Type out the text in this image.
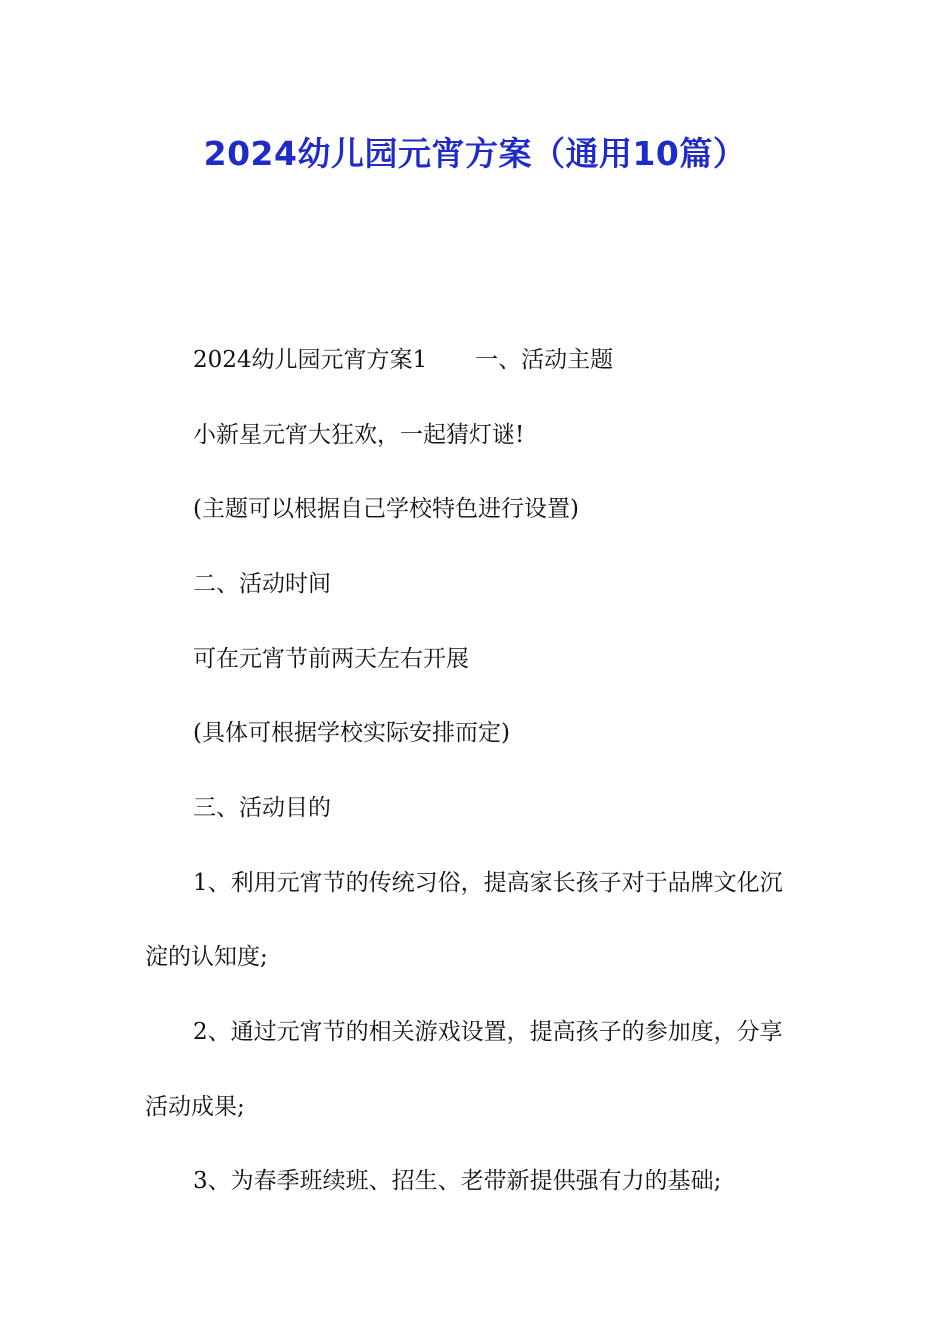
2024幼儿园元宵方案（通用10篇）

2024幼儿园元宵方案1 一、活动主题

小新星元宵大狂欢，一起猜灯谜!

(主题可以根据自己学校特色进行设置)

二、活动时间

可在元宵节前两天左右开展

(具体可根据学校实际安排而定)

三、活动目的

1、利用元宵节的传统习俗，提高家长孩子对于品牌文化沉

淀的认知度;

2、通过元宵节的相关游戏设置，提高孩子的参加度，分享

活动成果;

3、为春季班续班、招生、老带新提供强有力的基础;
